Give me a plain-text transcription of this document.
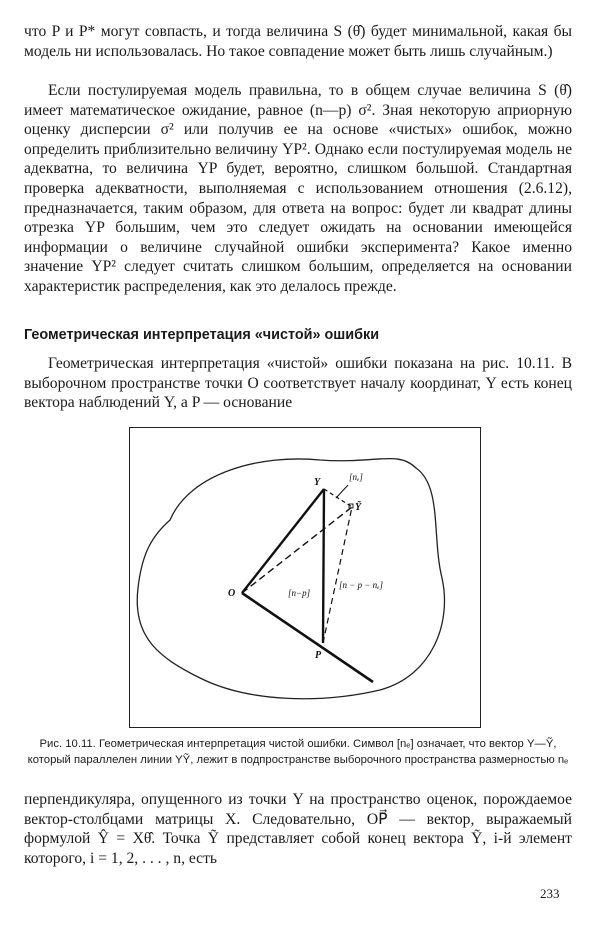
что P и P* могут совпасть, и тогда величина S (θ̂) будет минимальной, какая бы модель ни использовалась. Но такое совпадение может быть лишь случайным.)

Если постулируемая модель правильна, то в общем случае величина S (θ̂) имеет математическое ожидание, равное (n—p) σ². Зная некоторую априорную оценку дисперсии σ² или получив ее на основе «чистых» ошибок, можно определить приблизительно величину YP². Однако если постулируемая модель не адекватна, то величина YP будет, вероятно, слишком большой. Стандартная проверка адекватности, выполняемая с использованием отношения (2.6.12), предназначается, таким образом, для ответа на вопрос: будет ли квадрат длины отрезка YP большим, чем это следует ожидать на основании имеющейся информации о величине случайной ошибки эксперимента? Какое именно значение YP² следует считать слишком большим, определяется на основании характеристик распределения, как это делалось прежде.

Геометрическая интерпретация «чистой» ошибки

Геометрическая интерпретация «чистой» ошибки показана на рис. 10.11. В выборочном пространстве точки O соответствует началу координат, Y есть конец вектора наблюдений Y, а P — основание

Y	[nₑ]
Ỹ
O	[n−p]
[n − p − nₑ]
P

Рис. 10.11. Геометрическая интерпретация чистой ошибки. Символ [nₑ] означает, что вектор Y—Ỹ, который параллелен линии YỸ, лежит в подпространстве выборочного пространства размерностью nₑ

перпендикуляра, опущенного из точки Y на пространство оценок, порождаемое вектор-столбцами матрицы X. Следовательно, OP⃗ — вектор, выражаемый формулой Ŷ = Xθ̂. Точка Ỹ представляет собой конец вектора Ỹ, i-й элемент которого, i = 1, 2, . . . , n, есть

233
